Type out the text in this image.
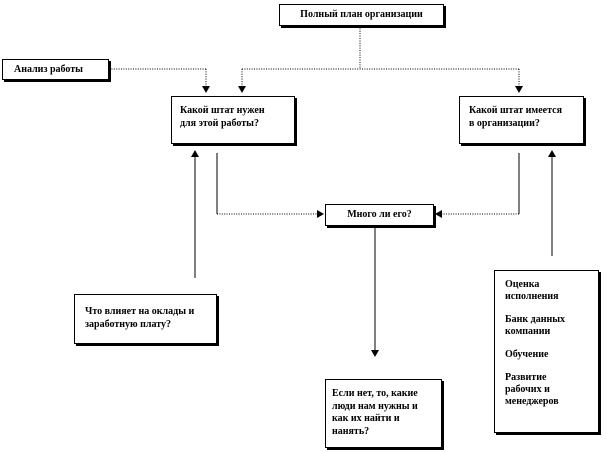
Полный план организации
Анализ работы
Какой штат нужен
для этой работы?
Какой штат имеется
в организации?
Много ли его?
Что влияет на оклады и
заработную плату?
Если нет, то, какие
люди нам нужны и
как их найти и
нанять?
Оценка
исполнения
Банк данных
компании
Обучение
Развитие
рабочих и
менеджеров
